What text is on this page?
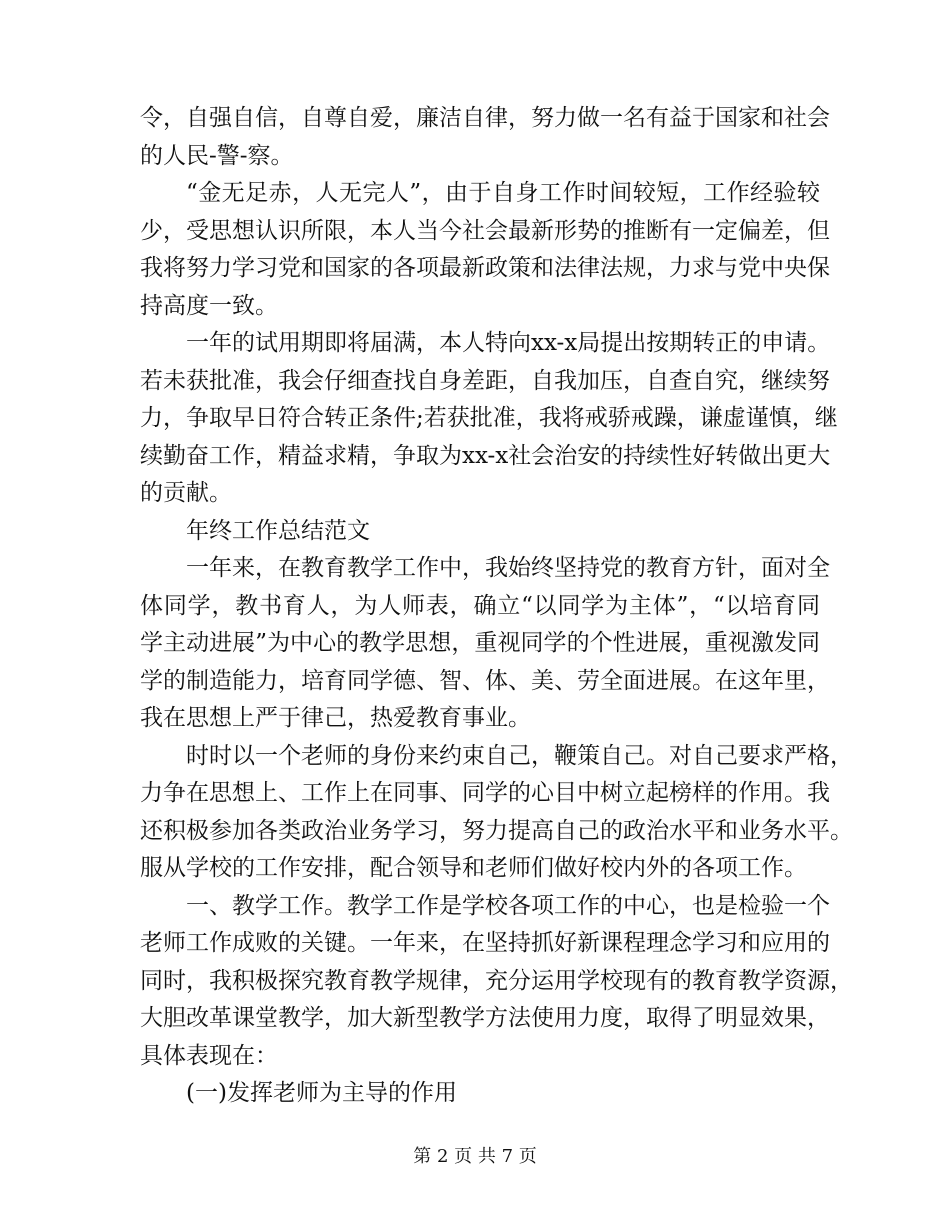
令，自强自信，自尊自爱，廉洁自律，努力做一名有益于国家和社会
的人民-警-察。

“金无足赤，人无完人”，由于自身工作时间较短，工作经验较
少，受思想认识所限，本人当今社会最新形势的推断有一定偏差，但
我将努力学习党和国家的各项最新政策和法律法规，力求与党中央保
持高度一致。

一年的试用期即将届满，本人特向xx-x局提出按期转正的申请。
若未获批准，我会仔细查找自身差距，自我加压，自查自究，继续努
力，争取早日符合转正条件;若获批准，我将戒骄戒躁，谦虚谨慎，继
续勤奋工作，精益求精，争取为xx-x社会治安的持续性好转做出更大
的贡献。

年终工作总结范文

一年来，在教育教学工作中，我始终坚持党的教育方针，面对全
体同学，教书育人，为人师表，确立“以同学为主体”，“以培育同
学主动进展”为中心的教学思想，重视同学的个性进展，重视激发同
学的制造能力，培育同学德、智、体、美、劳全面进展。在这年里，
我在思想上严于律己，热爱教育事业。

时时以一个老师的身份来约束自己，鞭策自己。对自己要求严格，
力争在思想上、工作上在同事、同学的心目中树立起榜样的作用。我
还积极参加各类政治业务学习，努力提高自己的政治水平和业务水平。
服从学校的工作安排，配合领导和老师们做好校内外的各项工作。

一、教学工作。教学工作是学校各项工作的中心，也是检验一个
老师工作成败的关键。一年来，在坚持抓好新课程理念学习和应用的
同时，我积极探究教育教学规律，充分运用学校现有的教育教学资源，
大胆改革课堂教学，加大新型教学方法使用力度，取得了明显效果，
具体表现在：

(一)发挥老师为主导的作用

第 2 页 共 7 页
